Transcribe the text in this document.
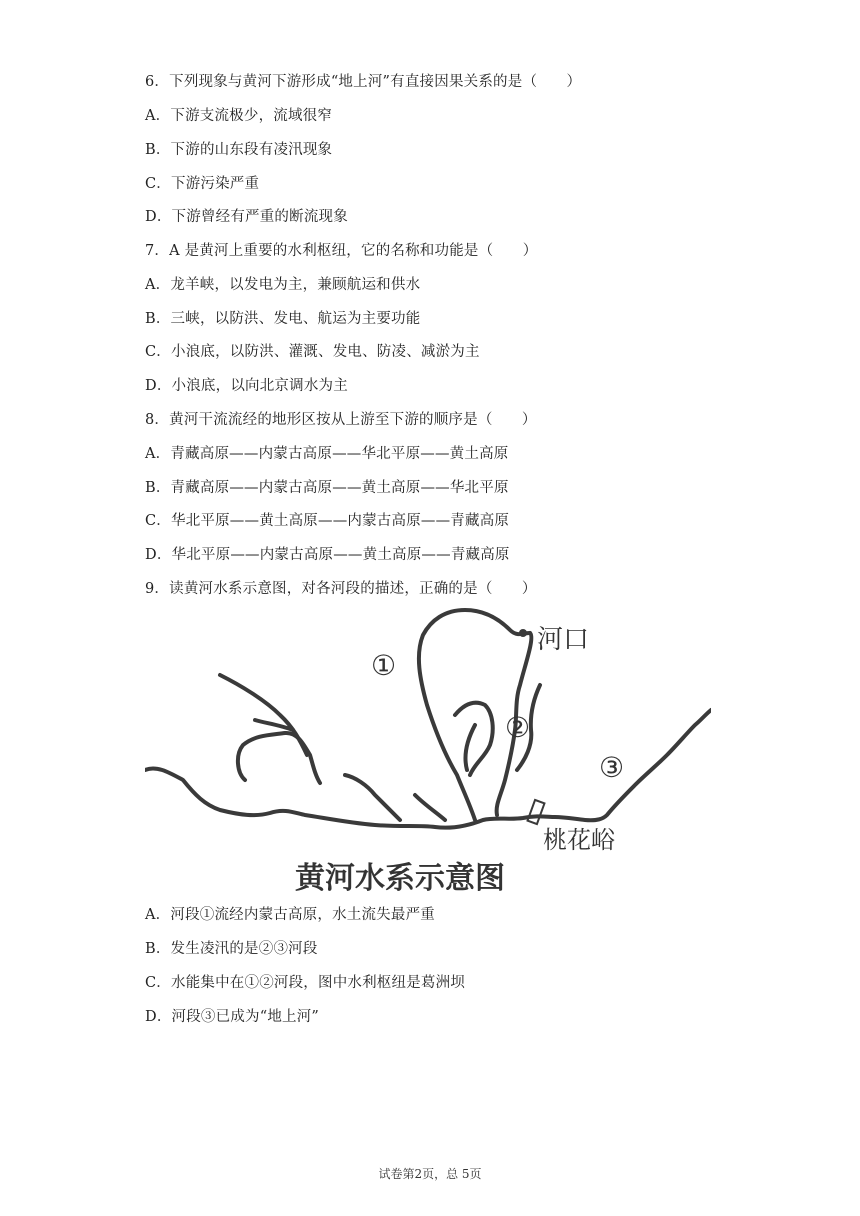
6．下列现象与黄河下游形成“地上河”有直接因果关系的是（　　）
A．下游支流极少，流域很窄
B．下游的山东段有凌汛现象
C．下游污染严重
D．下游曾经有严重的断流现象
7．A 是黄河上重要的水利枢纽，它的名称和功能是（　　）
A．龙羊峡，以发电为主，兼顾航运和供水
B．三峡，以防洪、发电、航运为主要功能
C．小浪底，以防洪、灌溉、发电、防凌、减淤为主
D．小浪底，以向北京调水为主
8．黄河干流流经的地形区按从上游至下游的顺序是（　　）
A．青藏高原——内蒙古高原——华北平原——黄土高原
B．青藏高原——内蒙古高原——黄土高原——华北平原
C．华北平原——黄土高原——内蒙古高原——青藏高原
D．华北平原——内蒙古高原——黄土高原——青藏高原
9．读黄河水系示意图，对各河段的描述，正确的是（　　）
河口
①
②
③
桃花峪
黄河水系示意图
A．河段①流经内蒙古高原，水土流失最严重
B．发生凌汛的是②③河段
C．水能集中在①②河段，图中水利枢纽是葛洲坝
D．河段③已成为“地上河”
试卷第2页，总 5页
